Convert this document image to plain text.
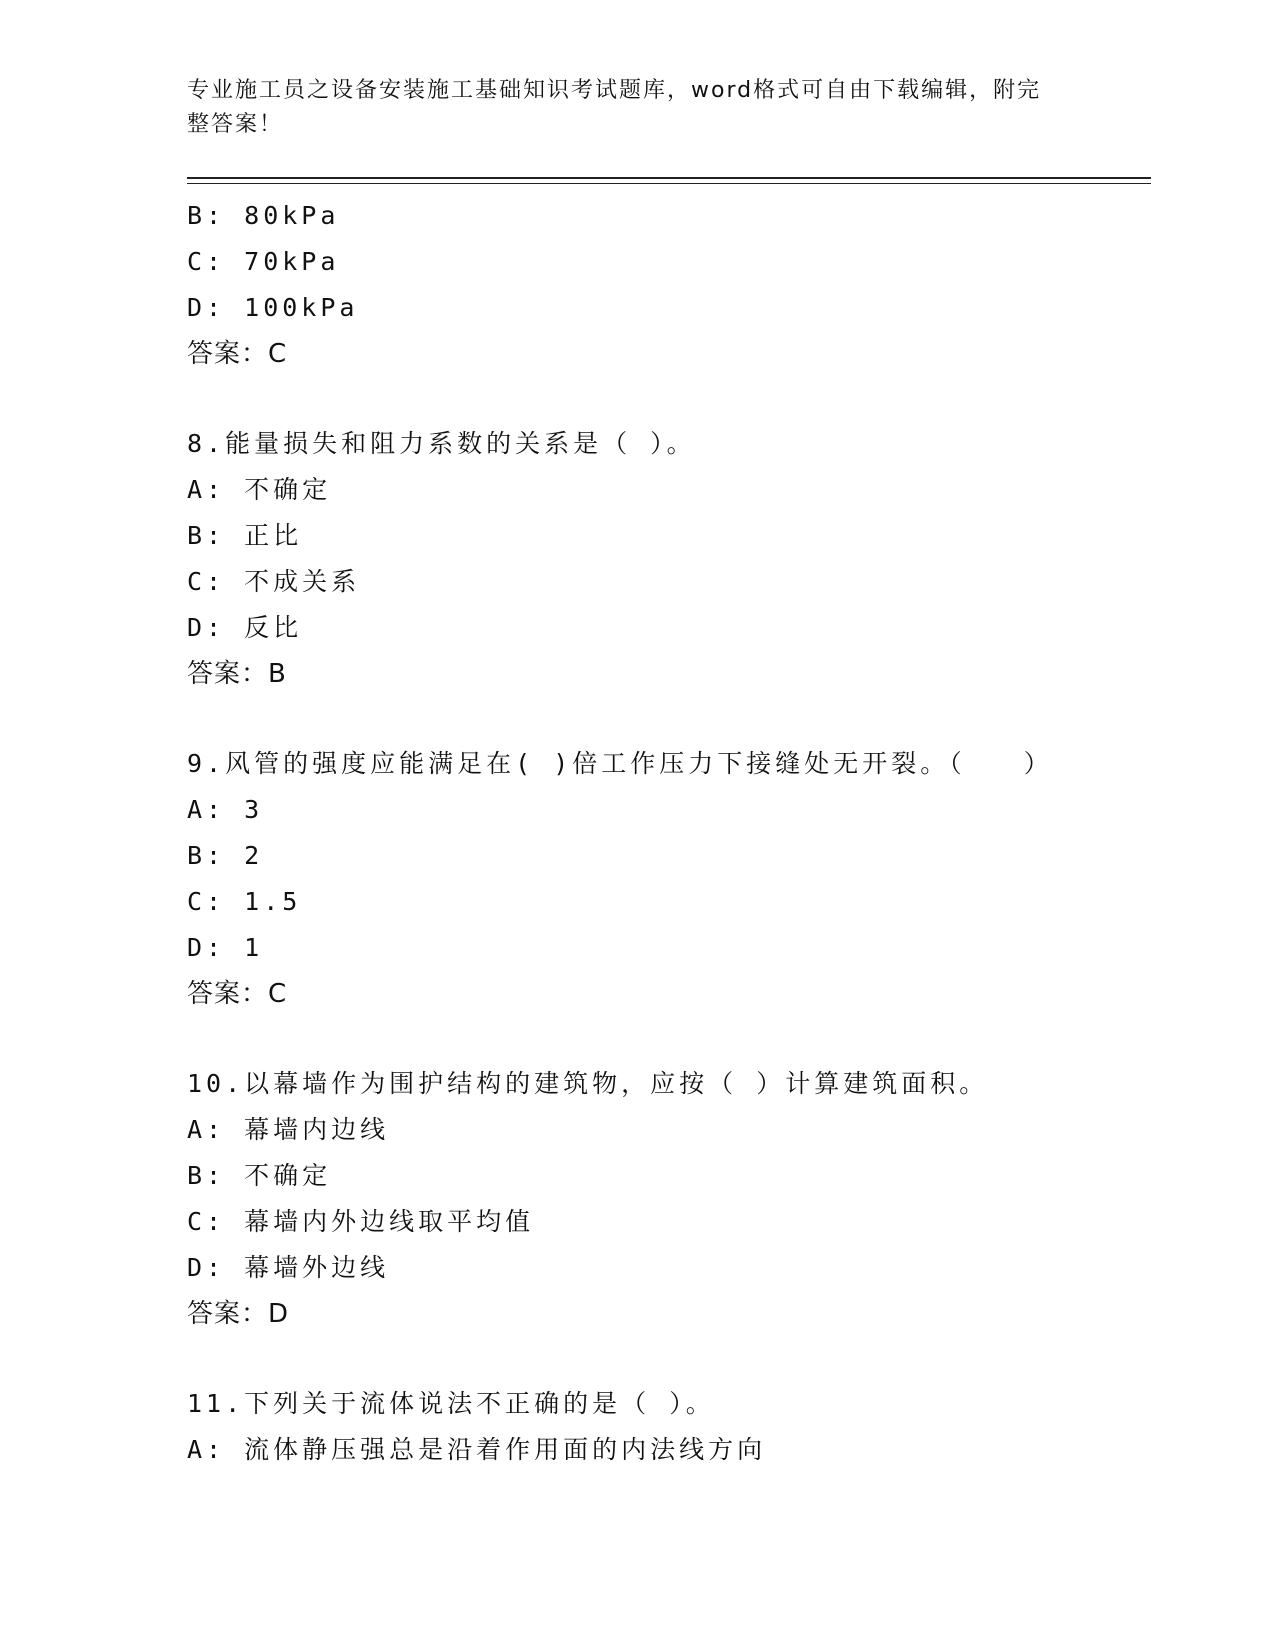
专业施工员之设备安装施工基础知识考试题库，word格式可自由下载编辑，附完
整答案！
B: 80kPa
C: 70kPa
D: 100kPa
答案：C
8.能量损失和阻力系数的关系是（ ）。
A: 不确定
B: 正比
C: 不成关系
D: 反比
答案：B
9.风管的强度应能满足在( )倍工作压力下接缝处无开裂。（　　）
A: 3
B: 2
C: 1.5
D: 1
答案：C
10.以幕墙作为围护结构的建筑物，应按（ ）计算建筑面积。
A: 幕墙内边线
B: 不确定
C: 幕墙内外边线取平均值
D: 幕墙外边线
答案：D
11.下列关于流体说法不正确的是（ ）。
A: 流体静压强总是沿着作用面的内法线方向
